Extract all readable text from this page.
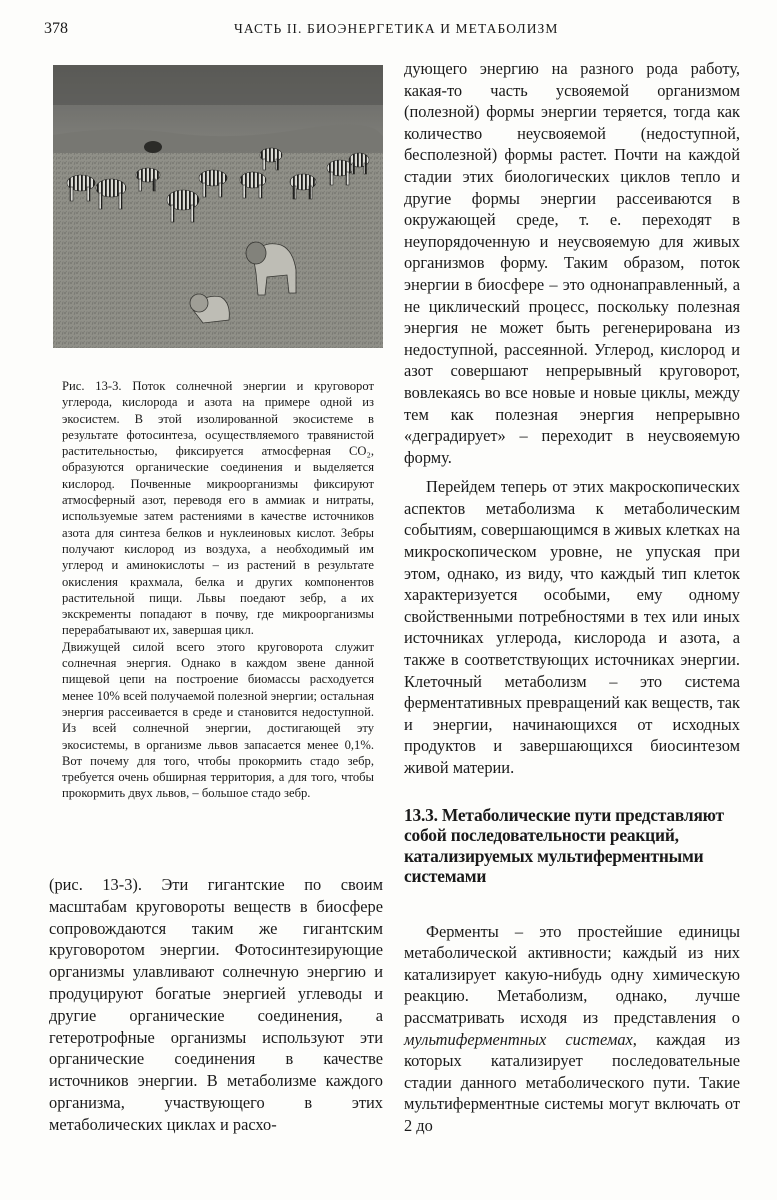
378	ЧАСТЬ II. БИОЭНЕРГЕТИКА И МЕТАБОЛИЗМ

Рис. 13-3. Поток солнечной энергии и круговорот углерода, кислорода и азота на примере одной из экосистем. В этой изолированной экосистеме в результате фотосинтеза, осуществляемого травянистой растительностью, фиксируется атмосферная CO₂, образуются органические соединения и выделяется кислород. Почвенные микроорганизмы фиксируют атмосферный азот, переводя его в аммиак и нитраты, используемые затем растениями в качестве источников азота для синтеза белков и нуклеиновых кислот. Зебры получают кислород из воздуха, а необходимый им углерод и аминокислоты – из растений в результате окисления крахмала, белка и других компонентов растительной пищи. Львы поедают зебр, а их экскременты попадают в почву, где микроорганизмы перерабатывают их, завершая цикл.

Движущей силой всего этого круговорота служит солнечная энергия. Однако в каждом звене данной пищевой цепи на построение биомассы расходуется менее 10% всей получаемой полезной энергии; остальная энергия рассеивается в среде и становится недоступной. Из всей солнечной энергии, достигающей эту экосистемы, в организме львов запасается менее 0,1%. Вот почему для того, чтобы прокормить стадо зебр, требуется очень обширная территория, а для того, чтобы прокормить двух львов, – большое стадо зебр.

(рис. 13-3). Эти гигантские по своим масштабам круговороты веществ в биосфере сопровождаются таким же гигантским круговоротом энергии. Фотосинтезирующие организмы улавливают солнечную энергию и продуцируют богатые энергией углеводы и другие органические соединения, а гетеротрофные организмы используют эти органические соединения в качестве источников энергии. В метаболизме каждого организма, участвующего в этих метаболических циклах и расхо-

дующего энергию на разного рода работу, какая-то часть усвояемой организмом (полезной) формы энергии теряется, тогда как количество неусвояемой (недоступной, бесполезной) формы растет. Почти на каждой стадии этих биологических циклов тепло и другие формы энергии рассеиваются в окружающей среде, т. е. переходят в неупорядоченную и неусвояемую для живых организмов форму. Таким образом, поток энергии в биосфере – это однонаправленный, а не циклический процесс, поскольку полезная энергия не может быть регенерирована из недоступной, рассеянной. Углерод, кислород и азот совершают непрерывный круговорот, вовлекаясь во все новые и новые циклы, между тем как полезная энергия непрерывно «деградирует» – переходит в неусвояемую форму.

Перейдем теперь от этих макроскопических аспектов метаболизма к метаболическим событиям, совершающимся в живых клетках на микроскопическом уровне, не упуская при этом, однако, из виду, что каждый тип клеток характеризуется особыми, ему одному свойственными потребностями в тех или иных источниках углерода, кислорода и азота, а также в соответствующих источниках энергии. Клеточный метаболизм – это система ферментативных превращений как веществ, так и энергии, начинающихся от исходных продуктов и завершающихся биосинтезом живой материи.

13.3. Метаболические пути представляют собой последовательности реакций, катализируемых мультиферментными системами

Ферменты – это простейшие единицы метаболической активности; каждый из них катализирует какую-нибудь одну химическую реакцию. Метаболизм, однако, лучше рассматривать исходя из представления о мультиферментных системах, каждая из которых катализирует последовательные стадии данного метаболического пути. Такие мультиферментные системы могут включать от 2 до
